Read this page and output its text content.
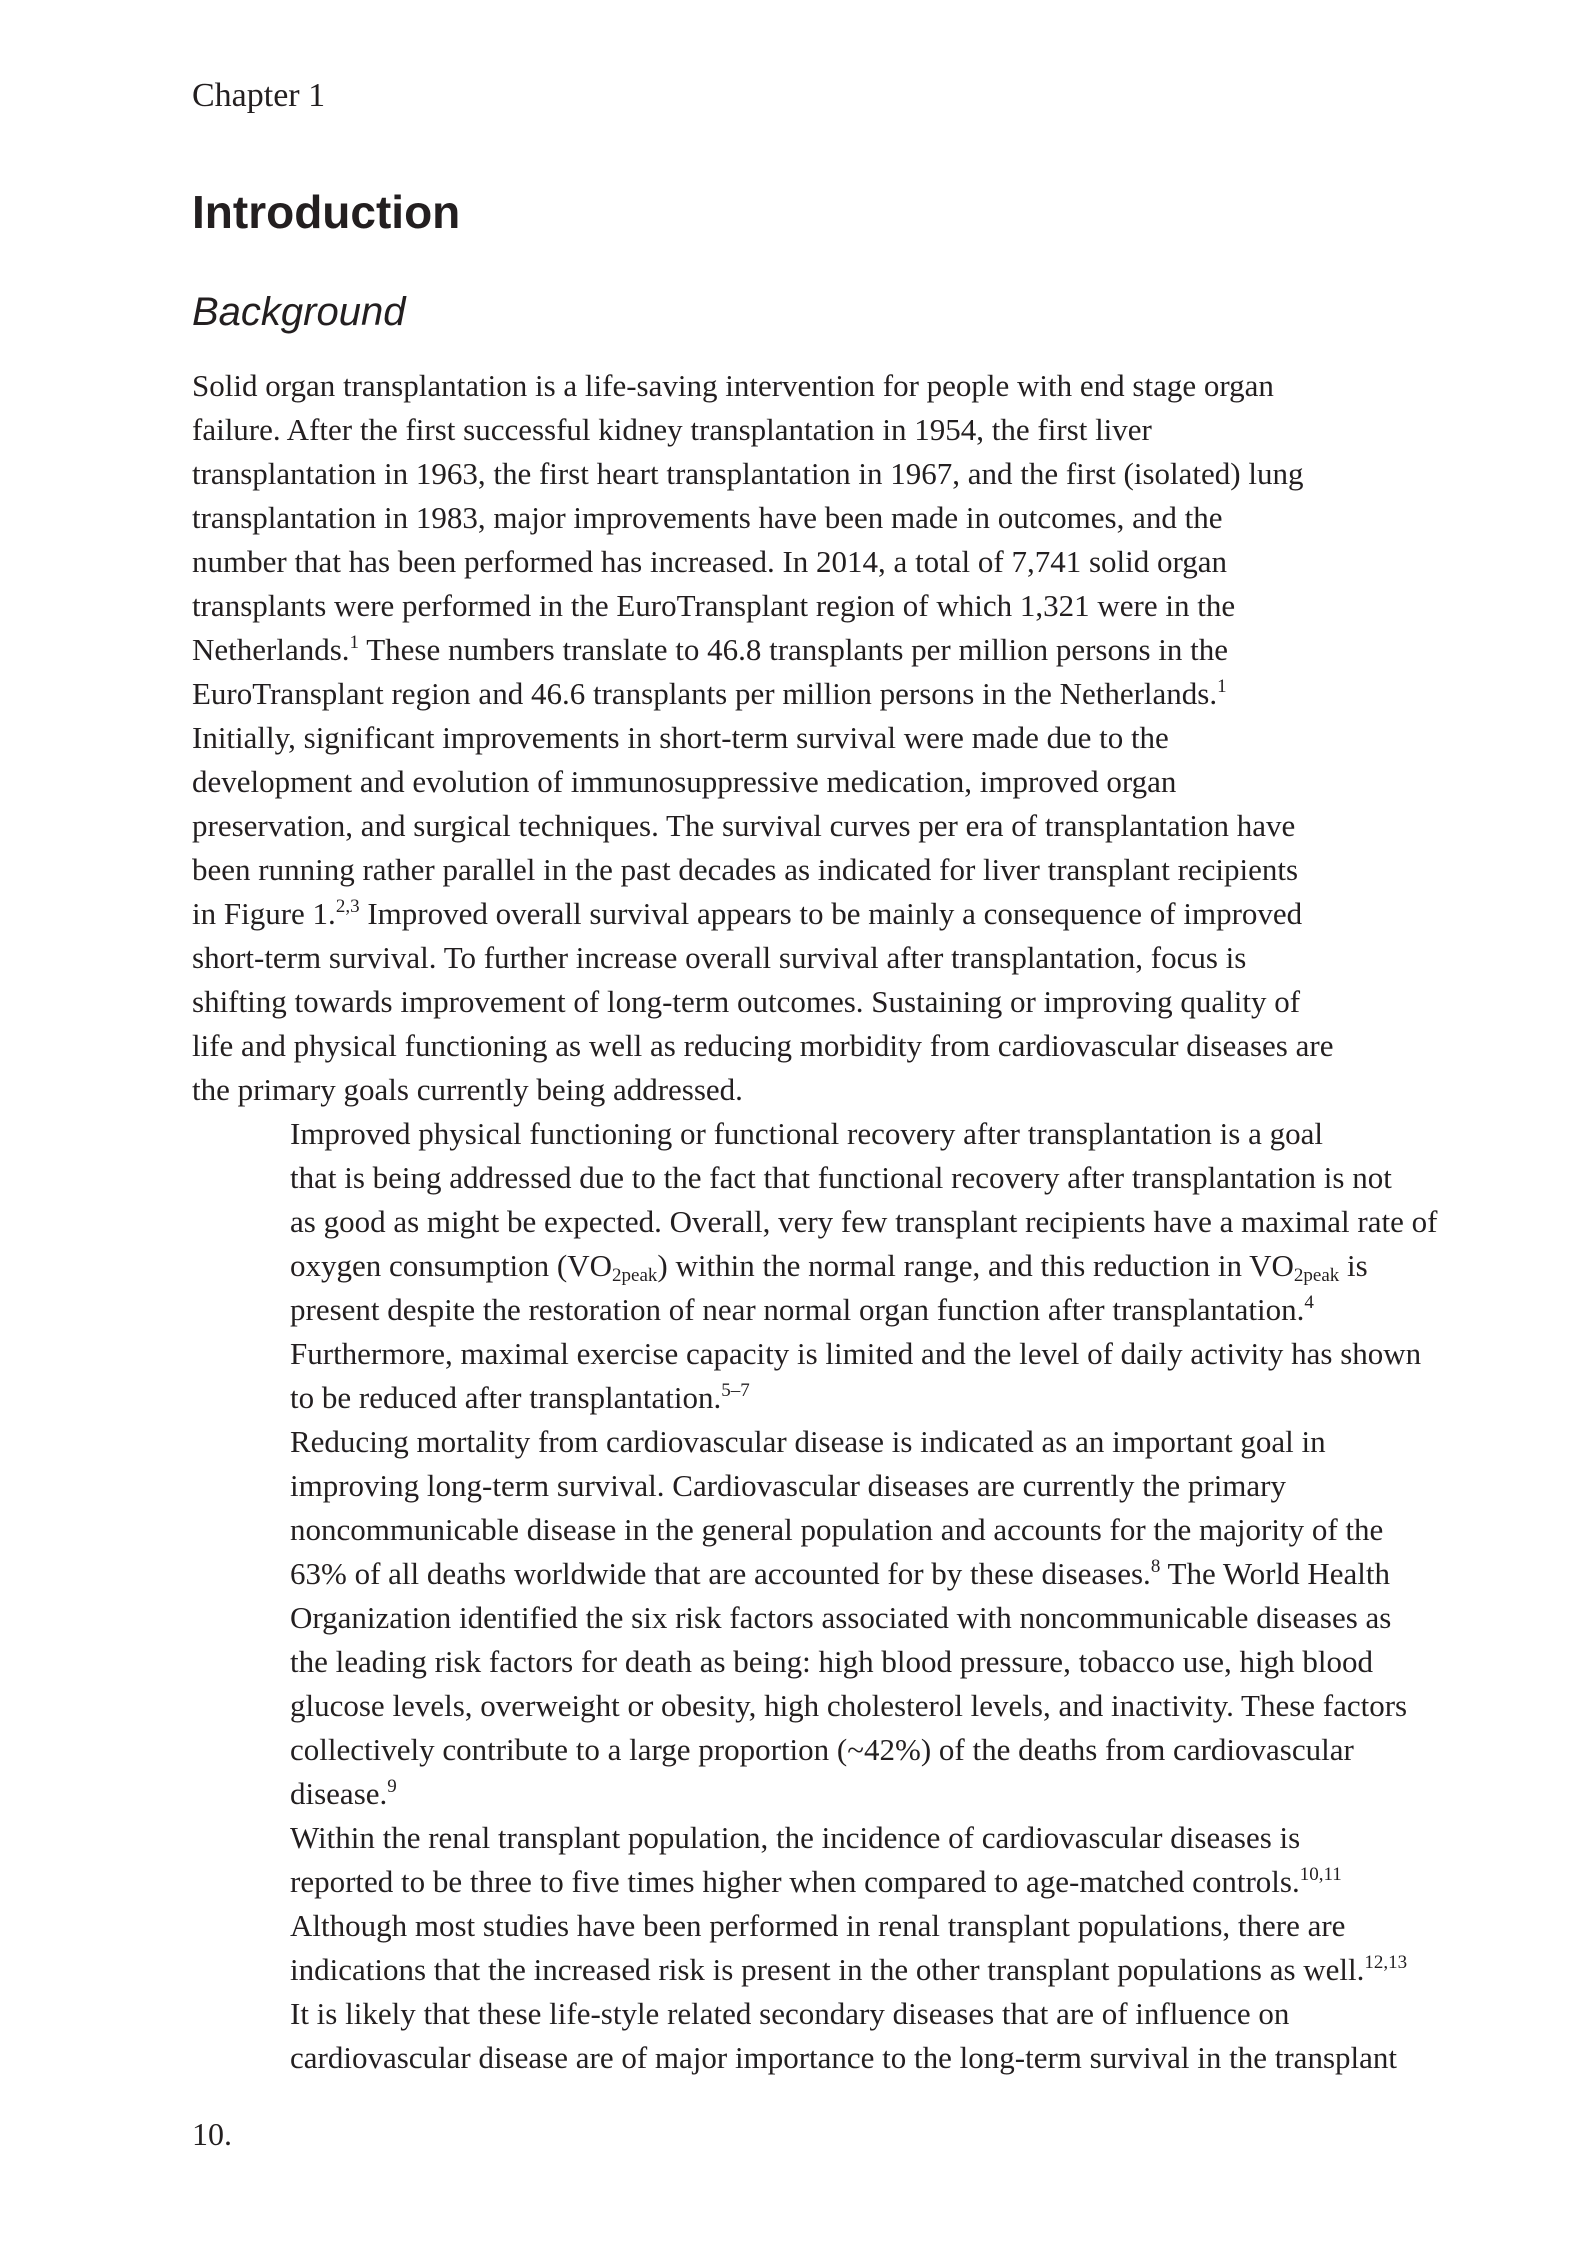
Chapter 1
Introduction
Background

Solid organ transplantation is a life-saving intervention for people with end stage organ
failure. After the first successful kidney transplantation in 1954, the first liver
transplantation in 1963, the first heart transplantation in 1967, and the first (isolated) lung
transplantation in 1983, major improvements have been made in outcomes, and the
number that has been performed has increased. In 2014, a total of 7,741 solid organ
transplants were performed in the EuroTransplant region of which 1,321 were in the
Netherlands.$^1$ These numbers translate to 46.8 transplants per million persons in the
EuroTransplant region and 46.6 transplants per million persons in the Netherlands.$^1$
Initially, significant improvements in short-term survival were made due to the
development and evolution of immunosuppressive medication, improved organ
preservation, and surgical techniques. The survival curves per era of transplantation have
been running rather parallel in the past decades as indicated for liver transplant recipients
in Figure 1.$^{2,3}$ Improved overall survival appears to be mainly a consequence of improved
short-term survival. To further increase overall survival after transplantation, focus is
shifting towards improvement of long-term outcomes. Sustaining or improving quality of
life and physical functioning as well as reducing morbidity from cardiovascular diseases are
the primary goals currently being addressed.

Improved physical functioning or functional recovery after transplantation is a goal
that is being addressed due to the fact that functional recovery after transplantation is not
as good as might be expected. Overall, very few transplant recipients have a maximal rate of
oxygen consumption $(VO_{2peak})$ within the normal range, and this reduction in $VO_{2peak}$ is
present despite the restoration of near normal organ function after transplantation.$^4$
Furthermore, maximal exercise capacity is limited and the level of daily activity has shown
to be reduced after transplantation.$^{5-7}$

Reducing mortality from cardiovascular disease is indicated as an important goal in
improving long-term survival. Cardiovascular diseases are currently the primary
noncommunicable disease in the general population and accounts for the majority of the
63% of all deaths worldwide that are accounted for by these diseases.$^8$ The World Health
Organization identified the six risk factors associated with noncommunicable diseases as
the leading risk factors for death as being: high blood pressure, tobacco use, high blood
glucose levels, overweight or obesity, high cholesterol levels, and inactivity. These factors
collectively contribute to a large proportion (~42%) of the deaths from cardiovascular
disease.$^9$

Within the renal transplant population, the incidence of cardiovascular diseases is
reported to be three to five times higher when compared to age-matched controls.$^{10,11}$
Although most studies have been performed in renal transplant populations, there are
indications that the increased risk is present in the other transplant populations as well.$^{12,13}$
It is likely that these life-style related secondary diseases that are of influence on
cardiovascular disease are of major importance to the long-term survival in the transplant

10.
